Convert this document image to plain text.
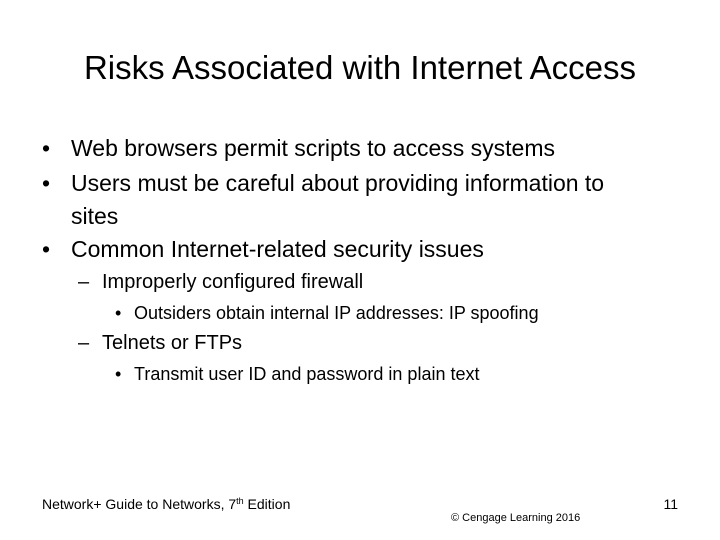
Risks Associated with Internet Access
• Web browsers permit scripts to access systems
• Users must be careful about providing information to
sites
• Common Internet-related security issues
– Improperly configured firewall
• Outsiders obtain internal IP addresses: IP spoofing
– Telnets or FTPs
• Transmit user ID and password in plain text
Network+ Guide to Networks, 7th Edition
© Cengage Learning 2016
11
